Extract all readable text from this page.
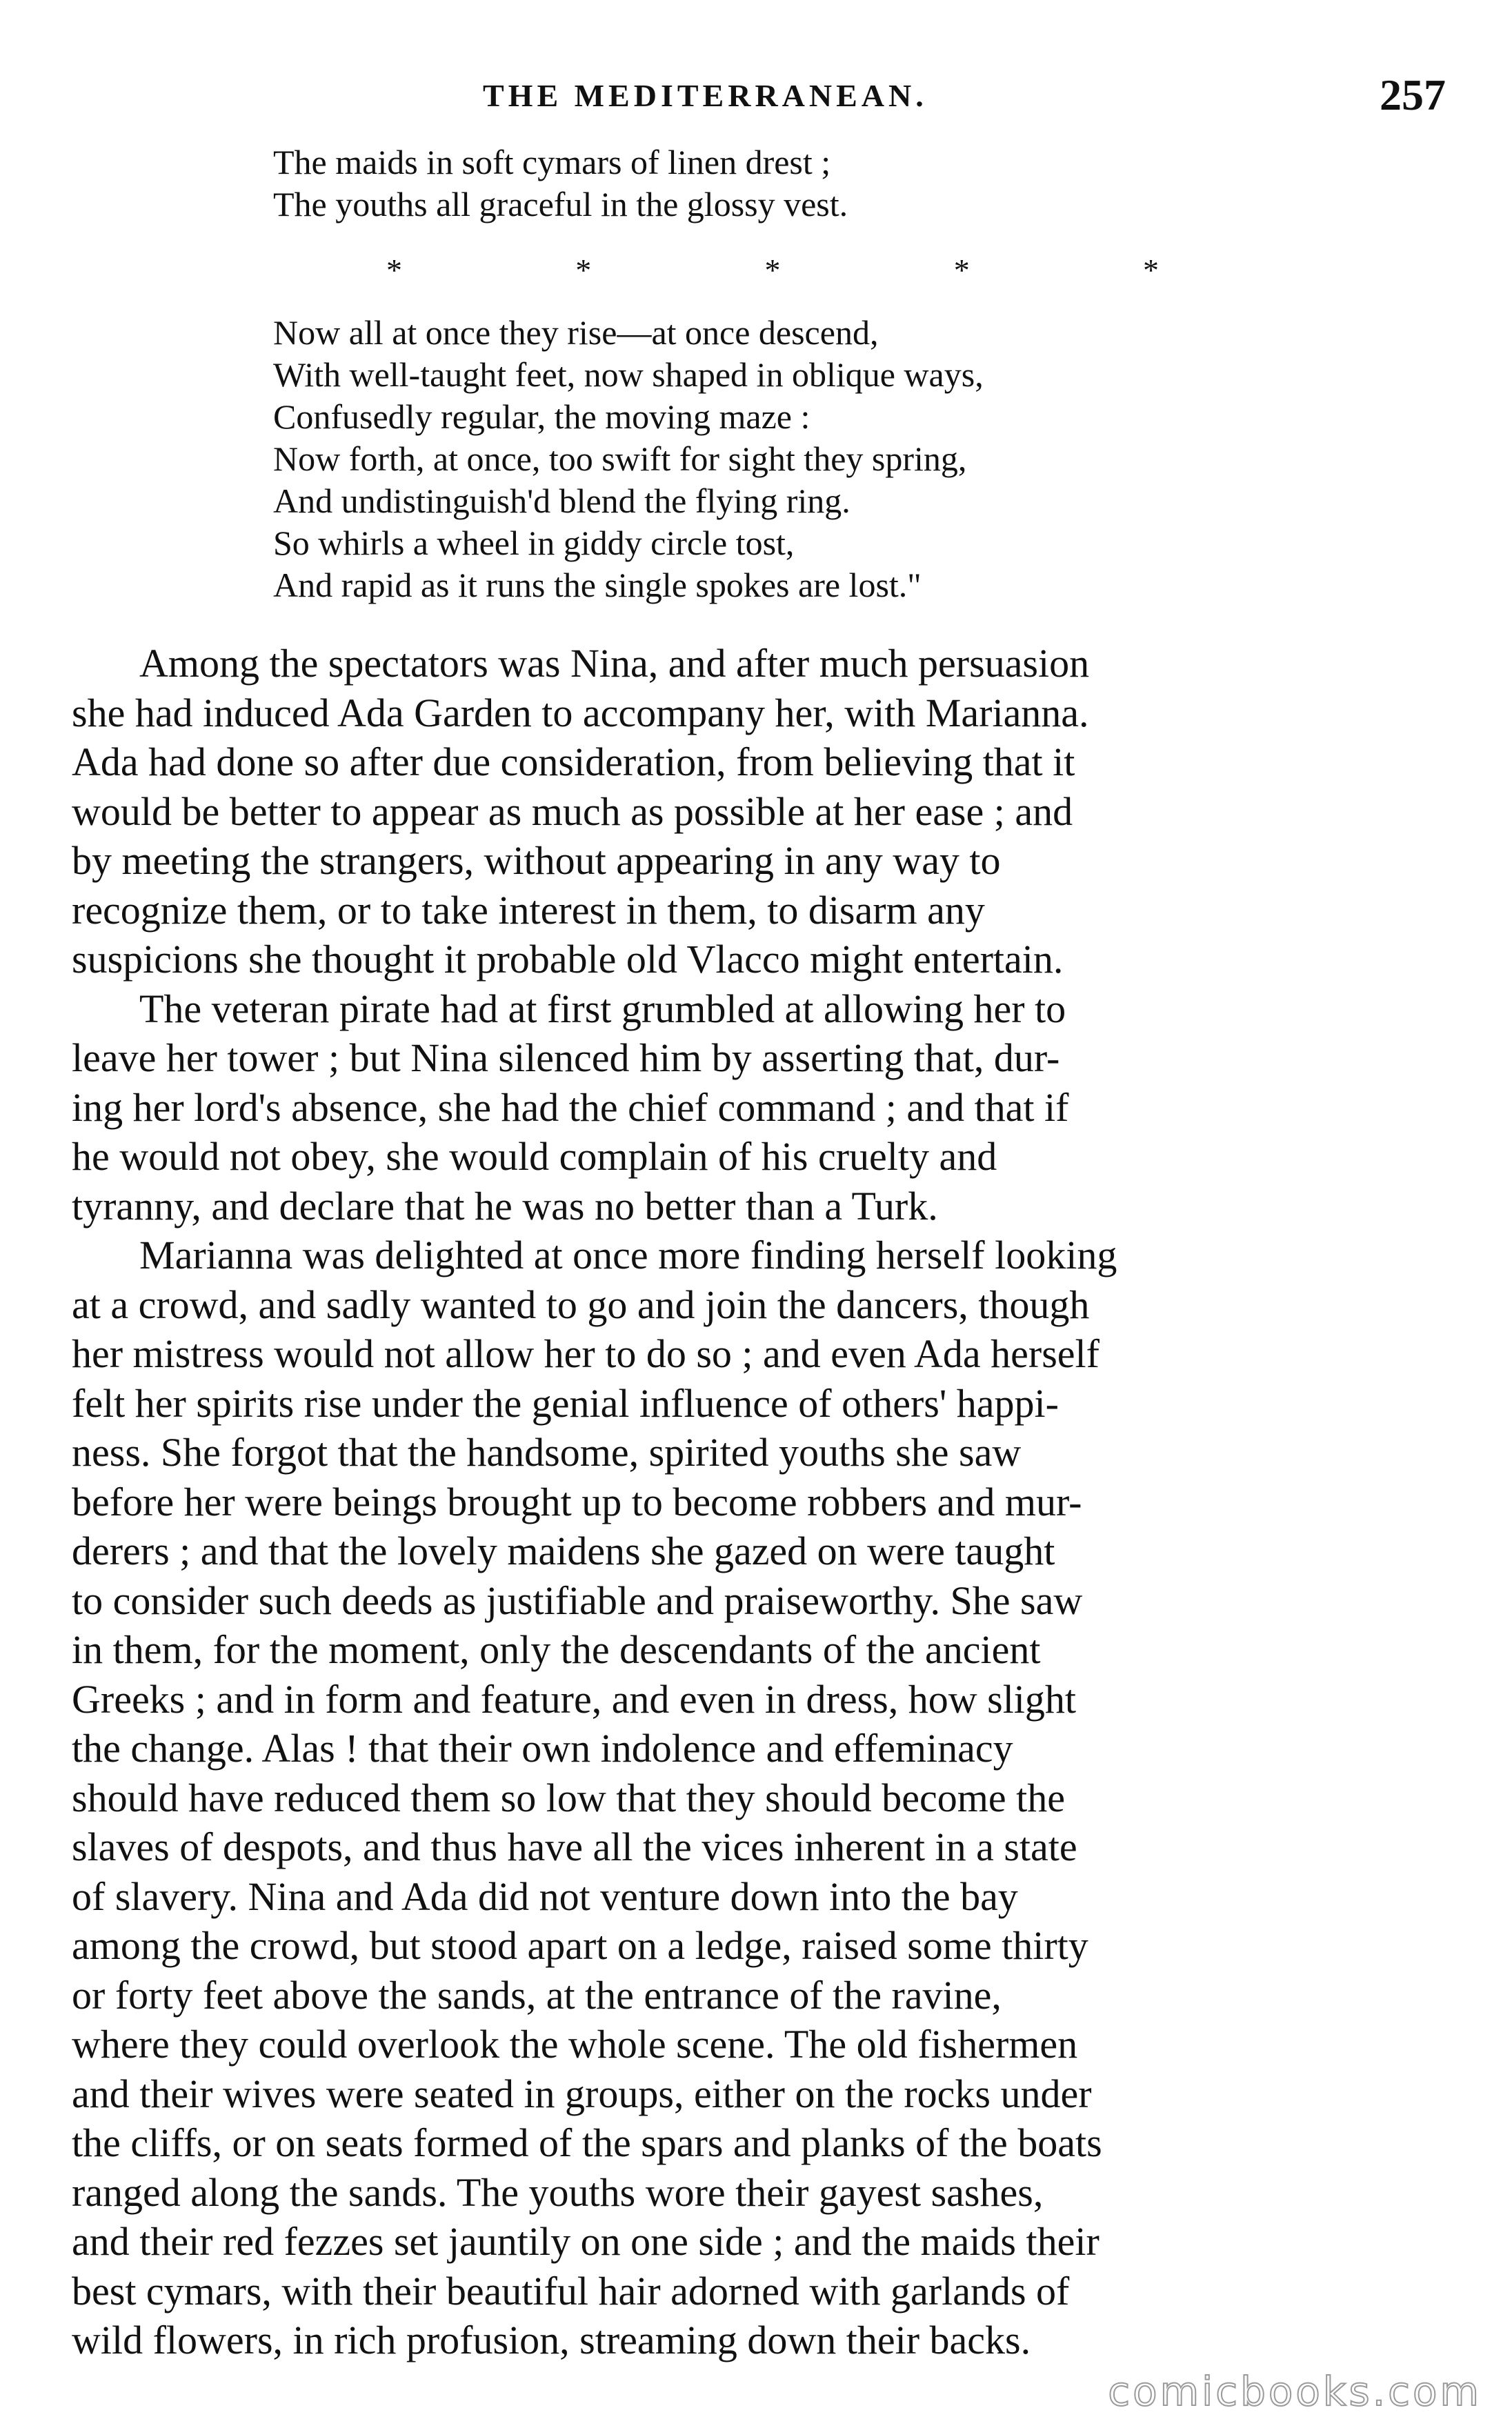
THE MEDITERRANEAN.	257
The maids in soft cymars of linen drest ;
The youths all graceful in the glossy vest.
*	*	*	*	*
Now all at once they rise—at once descend,
With well-taught feet, now shaped in oblique ways,
Confusedly regular, the moving maze :
Now forth, at once, too swift for sight they spring,
And undistinguish'd blend the flying ring.
So whirls a wheel in giddy circle tost,
And rapid as it runs the single spokes are lost."
Among the spectators was Nina, and after much persuasion
she had induced Ada Garden to accompany her, with Marianna.
Ada had done so after due consideration, from believing that it
would be better to appear as much as possible at her ease ; and
by meeting the strangers, without appearing in any way to
recognize them, or to take interest in them, to disarm any
suspicions she thought it probable old Vlacco might entertain.
The veteran pirate had at first grumbled at allowing her to
leave her tower ; but Nina silenced him by asserting that, dur-
ing her lord's absence, she had the chief command ; and that if
he would not obey, she would complain of his cruelty and
tyranny, and declare that he was no better than a Turk.
Marianna was delighted at once more finding herself looking
at a crowd, and sadly wanted to go and join the dancers, though
her mistress would not allow her to do so ; and even Ada herself
felt her spirits rise under the genial influence of others' happi-
ness. She forgot that the handsome, spirited youths she saw
before her were beings brought up to become robbers and mur-
derers ; and that the lovely maidens she gazed on were taught
to consider such deeds as justifiable and praiseworthy. She saw
in them, for the moment, only the descendants of the ancient
Greeks ; and in form and feature, and even in dress, how slight
the change. Alas ! that their own indolence and effeminacy
should have reduced them so low that they should become the
slaves of despots, and thus have all the vices inherent in a state
of slavery. Nina and Ada did not venture down into the bay
among the crowd, but stood apart on a ledge, raised some thirty
or forty feet above the sands, at the entrance of the ravine,
where they could overlook the whole scene. The old fishermen
and their wives were seated in groups, either on the rocks under
the cliffs, or on seats formed of the spars and planks of the boats
ranged along the sands. The youths wore their gayest sashes,
and their red fezzes set jauntily on one side ; and the maids their
best cymars, with their beautiful hair adorned with garlands of
wild flowers, in rich profusion, streaming down their backs.
comicbooks.com
